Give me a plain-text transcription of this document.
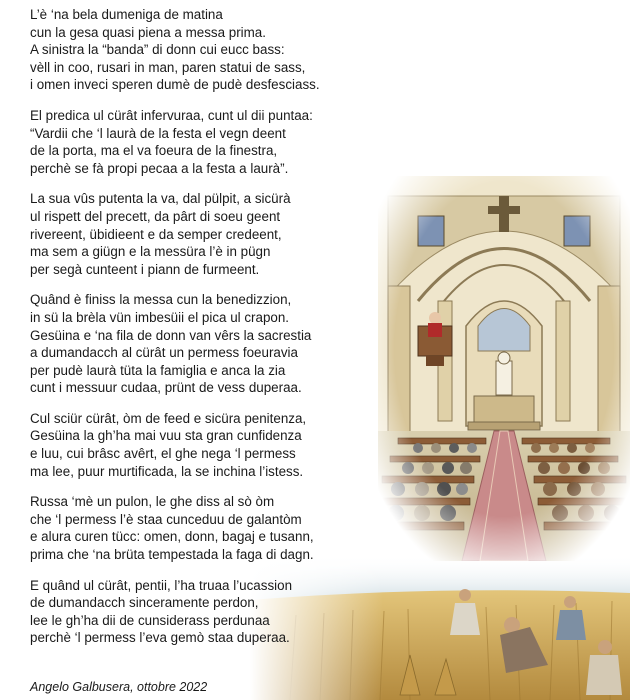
L’è ‘na bela dumeniga de matina
cun la gesa quasi piena a messa prima.
A sinistra la “banda” di donn cui eucc bass:
vèll in coo, rusari in man, paren statui de sass,
i omen inveci speren dumè de pudè desfesciass.
El predica ul cürât infervuraa, cunt ul dii puntaa:
“Vardii che ‘l laurà de la festa el vegn deent
de la porta, ma el va foeura de la finestra,
perchè se fà propi pecaa a la festa a laurà”.
La sua vûs putenta la va, dal pülpit, a sicürà
ul rispett del precett, da pârt di soeu geent
rivereent, übidieent e da semper credeent,
ma sem a giügn e la messüra l’è in pügn
per segà cunteent i piann de furmeent.
Quând è finiss la messa cun la benedizzion,
in sü la brèla vün imbesüii el pica ul crapon.
Gesüina e ‘na fila de donn van vêrs la sacrestia
a dumandacch al cürât un permess foeuravia
per pudè laurà tüta la famiglia e anca la zia
cunt i messuur cudaa, prünt de vess duperaa.
Cul sciür cürât, òm de feed e sicüra penitenza,
Gesüina la gh’ha mai vuu sta gran cunfidenza
e luu, cui brâsc avêrt, el ghe nega ‘l permess
ma lee, puur murtificada, la se inchina l’istess.
Russa ‘mè un pulon, le ghe diss al sò òm
che ‘l permess l’è staa cunceduu de galantòm
e alura curen tücc: omen, donn, bagaj e tusann,
prima che ‘na brüta tempestada la faga di dagn.
E quând ul cürât, pentii, l’ha truaa l’ucassion
de dumandacch sinceramente perdon,
lee le gh’ha dii de cunsiderass perdunaa
perchè ‘l permess l’eva gemò staa duperaa.
Angelo Galbusera, ottobre 2022
